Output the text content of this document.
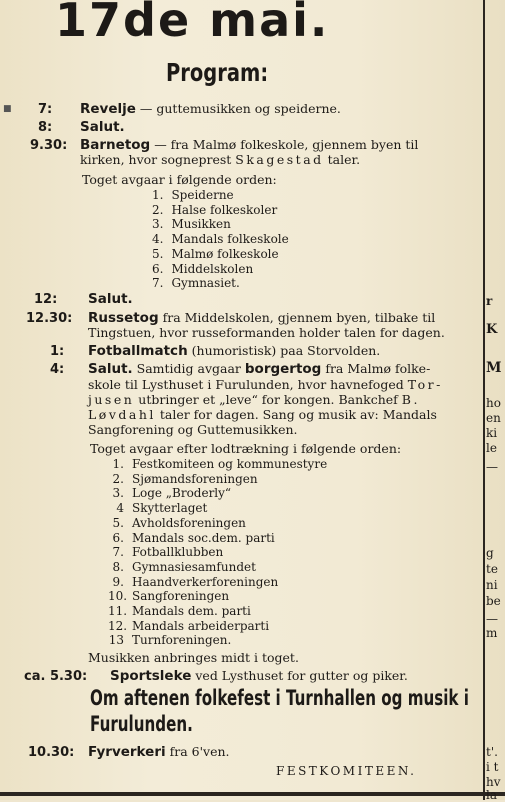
17de mai.
Program:
■ 7: Revelje — guttemusikken og speiderne.
8: Salut.
9.30: Barnetog — fra Malmø folkeskole, gjennem byen til
kirken, hvor sogneprest Skagestad taler.
Toget avgaar i følgende orden:
1. Speiderne
2. Halse folkeskoler
3. Musikken
4. Mandals folkeskole
5. Malmø folkeskole
6. Middelskolen
7. Gymnasiet.
12: Salut.
12.30: Russetog fra Middelskolen, gjennem byen, tilbake til
Tingstuen, hvor russeformanden holder talen for dagen.
1: Fotballmatch (humoristisk) paa Storvolden.
4: Salut. Samtidig avgaar borgertog fra Malmø folke-
skole til Lysthuset i Furulunden, hvor havnefoged Tor-
jusen utbringer et „leve“ for kongen. Bankchef B.
Løvdahl taler for dagen. Sang og musik av: Mandals
Sangforening og Guttemusikken.
Toget avgaar efter lodtrækning i følgende orden:
1. Festkomiteen og kommunestyre
2. Sjømandsforeningen
3. Loge „Broderly“
4 Skytterlaget
5. Avholdsforeningen
6. Mandals soc.dem. parti
7. Fotballklubben
8. Gymnasiesamfundet
9. Haandverkerforeningen
10. Sangforeningen
11. Mandals dem. parti
12. Mandals arbeiderparti
13 Turnforeningen.
Musikken anbringes midt i toget.
ca. 5.30: Sportsleke ved Lysthuset for gutter og piker.
Om aftenen folkefest i Turnhallen og musik i
Furulunden.
10.30: Fyrverkeri fra 6'ven.
FESTKOMITEEN.
r
K
M
ho
en
ki
le
—
g
te
ni
be
—
m
t'.
i t
hv
la
